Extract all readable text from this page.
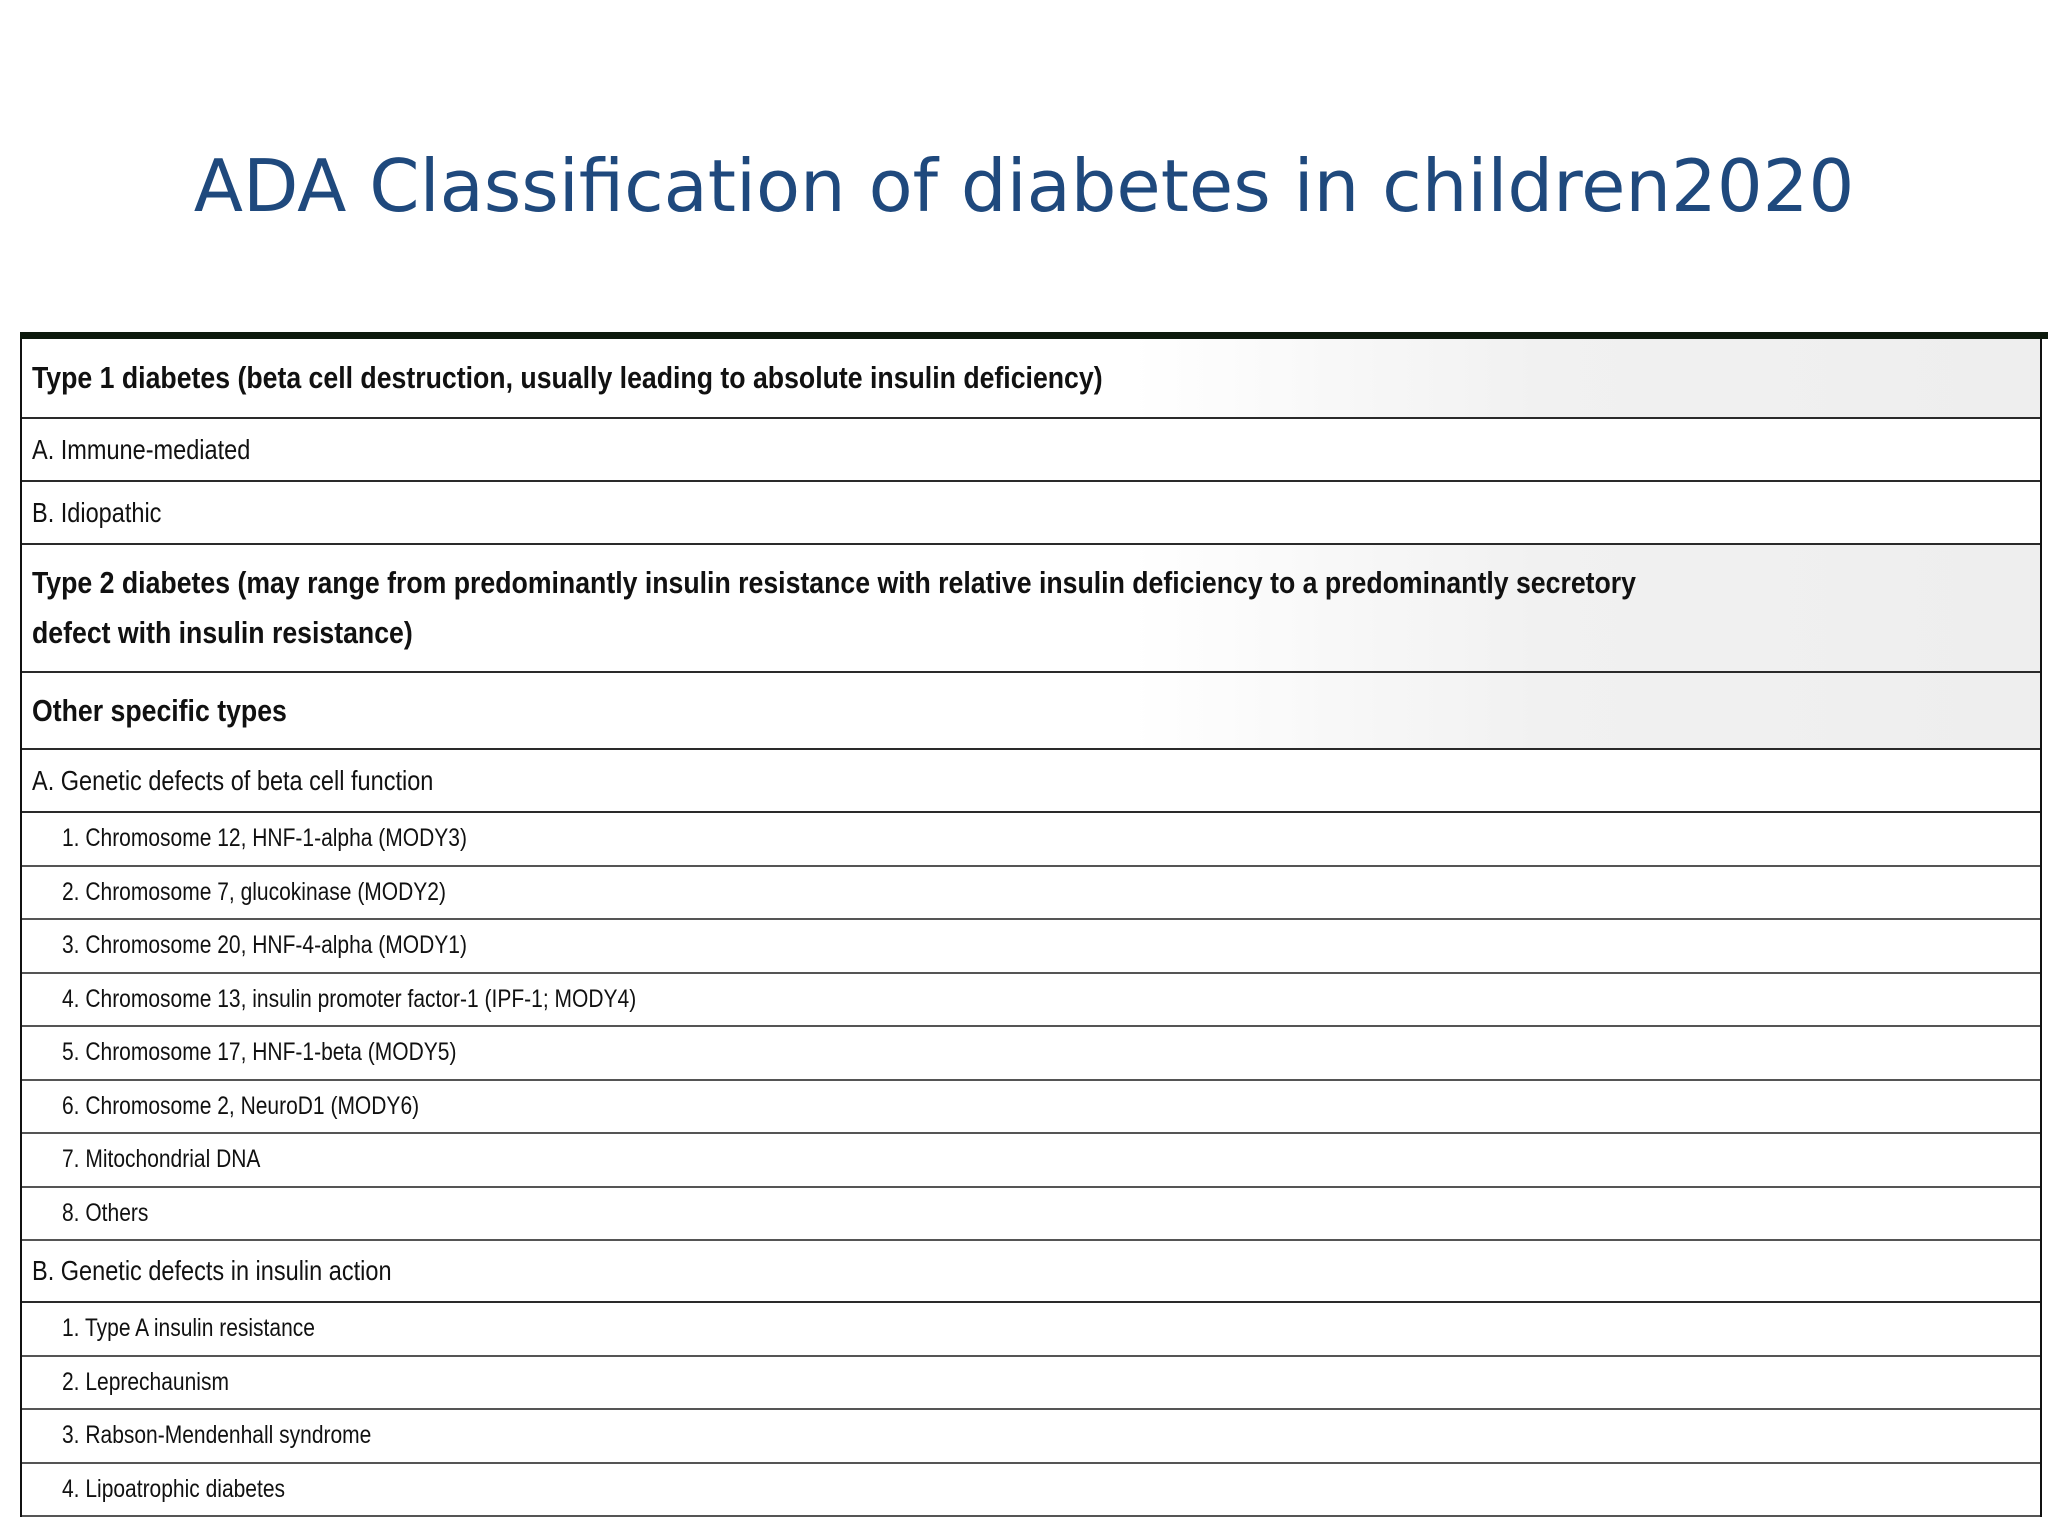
ADA Classification of diabetes in children2020
Type 1 diabetes (beta cell destruction, usually leading to absolute insulin deficiency)
A. Immune-mediated
B. Idiopathic
Type 2 diabetes (may range from predominantly insulin resistance with relative insulin deficiency to a predominantly secretory defect with insulin resistance)
Other specific types
A. Genetic defects of beta cell function
1. Chromosome 12, HNF-1-alpha (MODY3)
2. Chromosome 7, glucokinase (MODY2)
3. Chromosome 20, HNF-4-alpha (MODY1)
4. Chromosome 13, insulin promoter factor-1 (IPF-1; MODY4)
5. Chromosome 17, HNF-1-beta (MODY5)
6. Chromosome 2, NeuroD1 (MODY6)
7. Mitochondrial DNA
8. Others
B. Genetic defects in insulin action
1. Type A insulin resistance
2. Leprechaunism
3. Rabson-Mendenhall syndrome
4. Lipoatrophic diabetes
